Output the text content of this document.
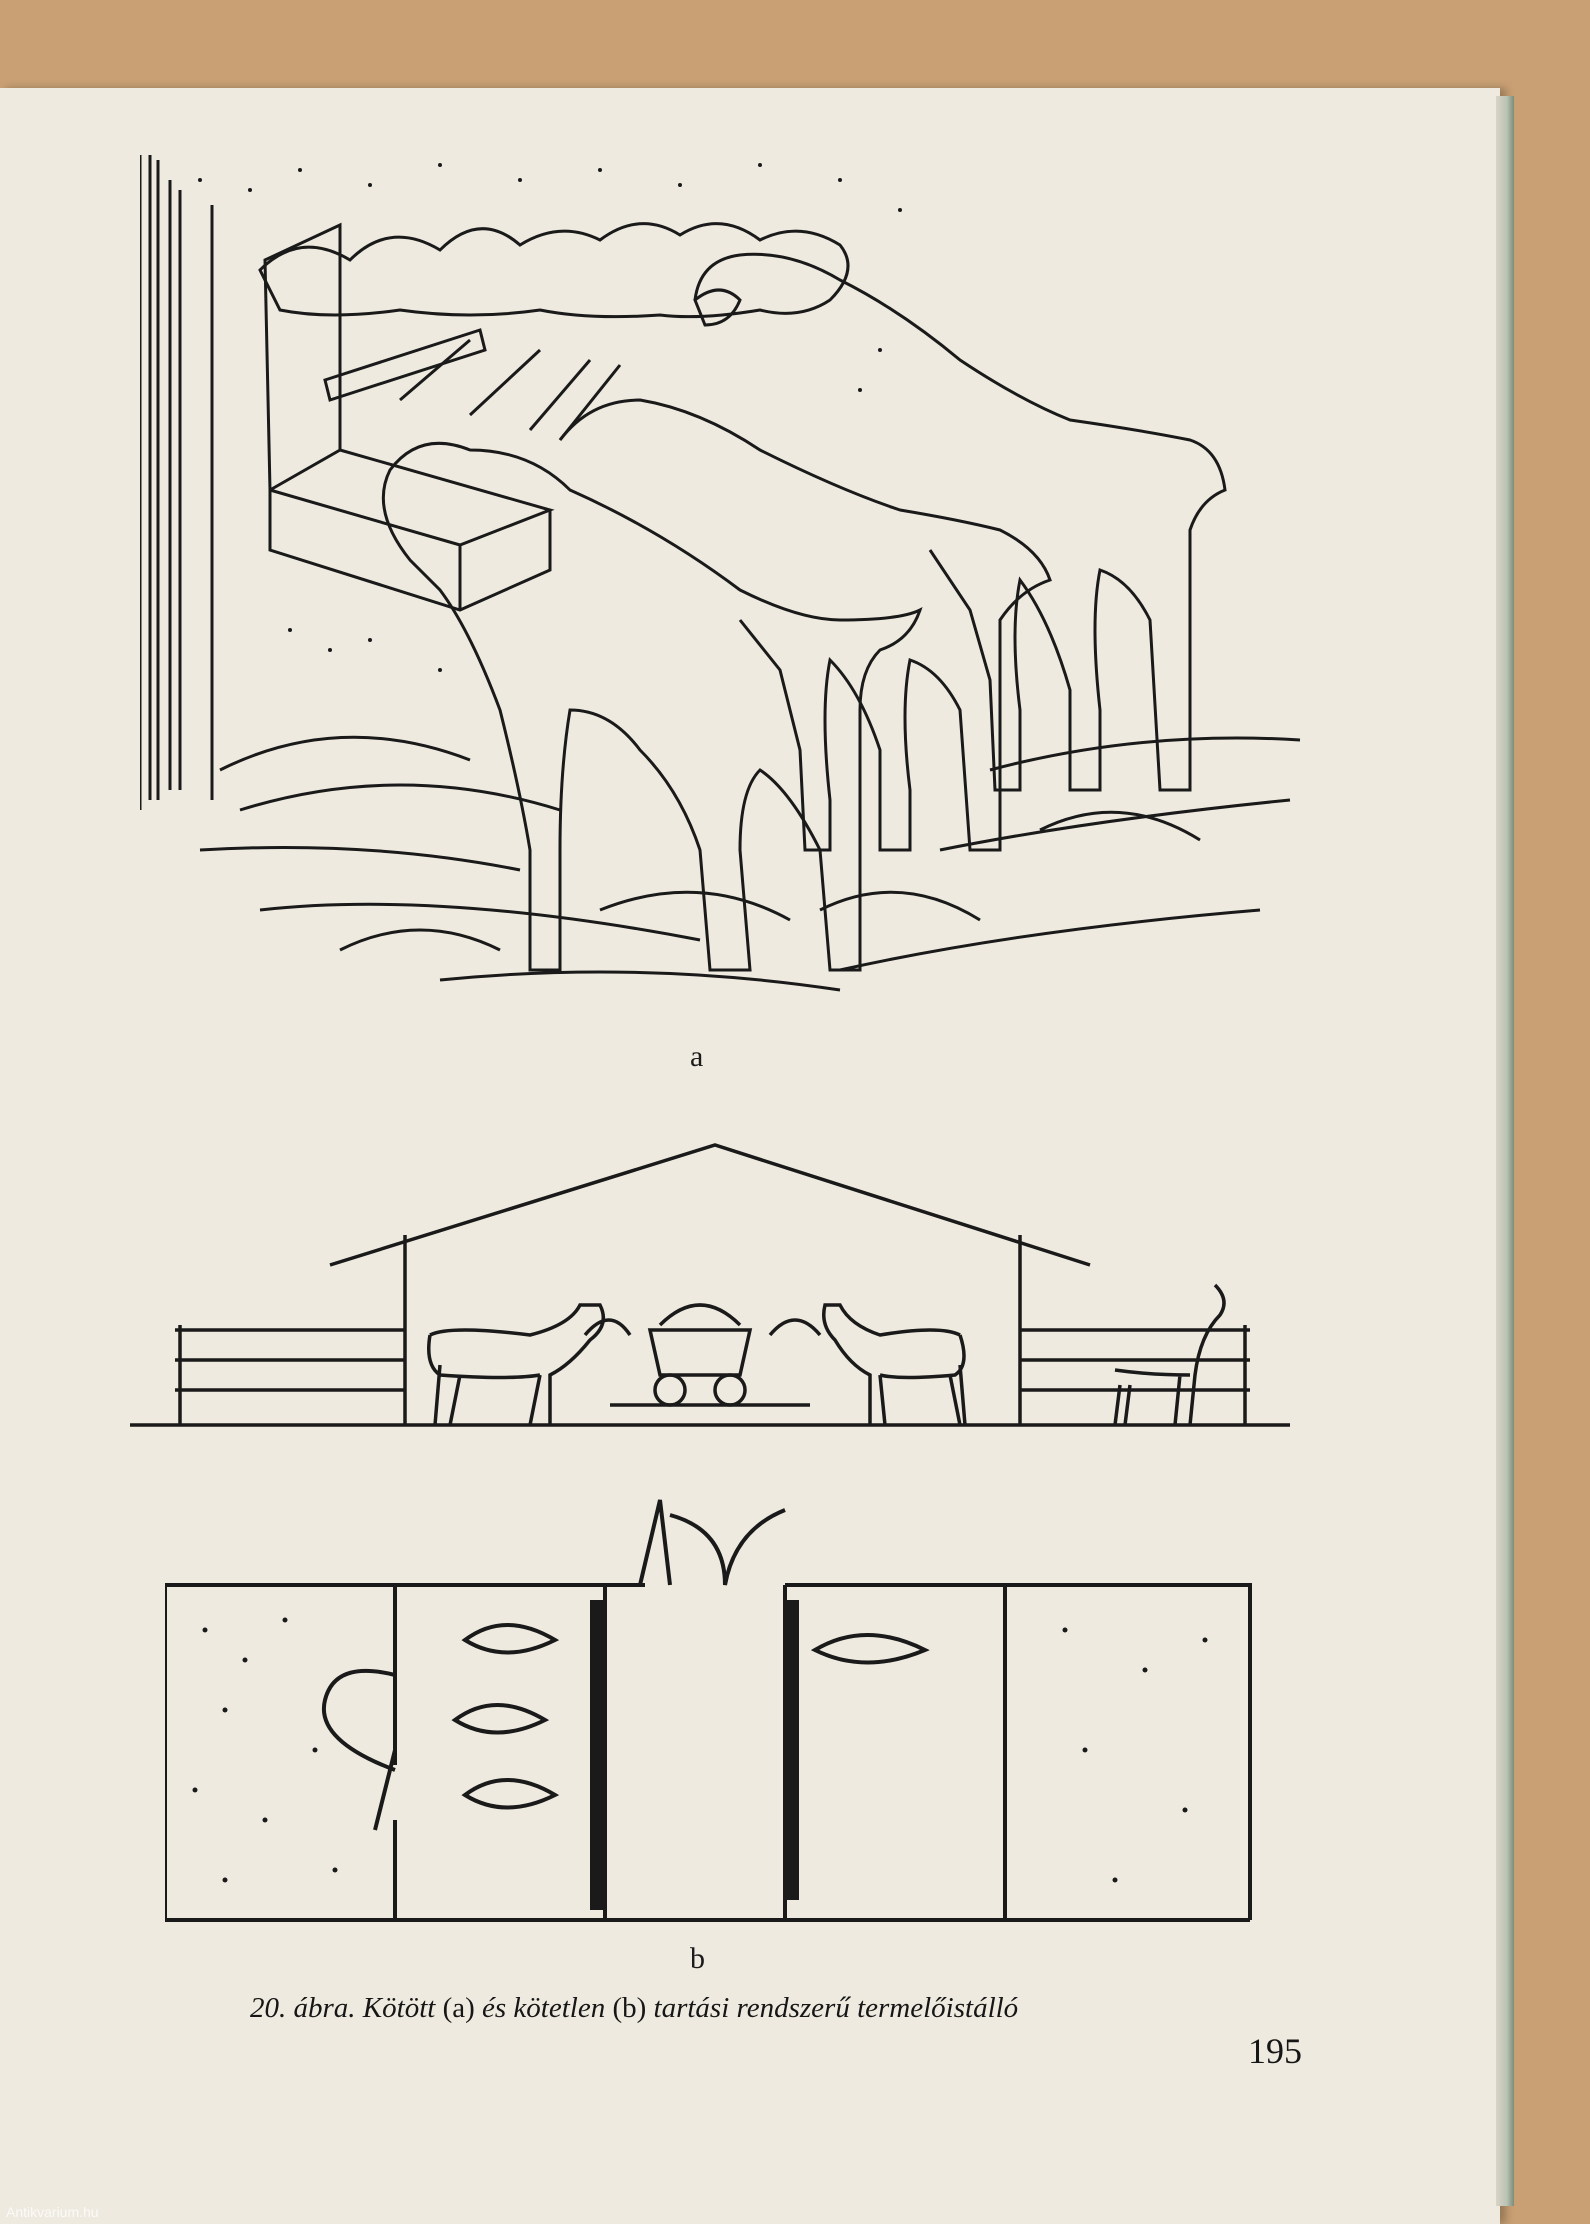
a
b
20. ábra. Kötött (a) és kötetlen (b) tartási rendszerű termelőistálló
195
Antikvarium.hu
